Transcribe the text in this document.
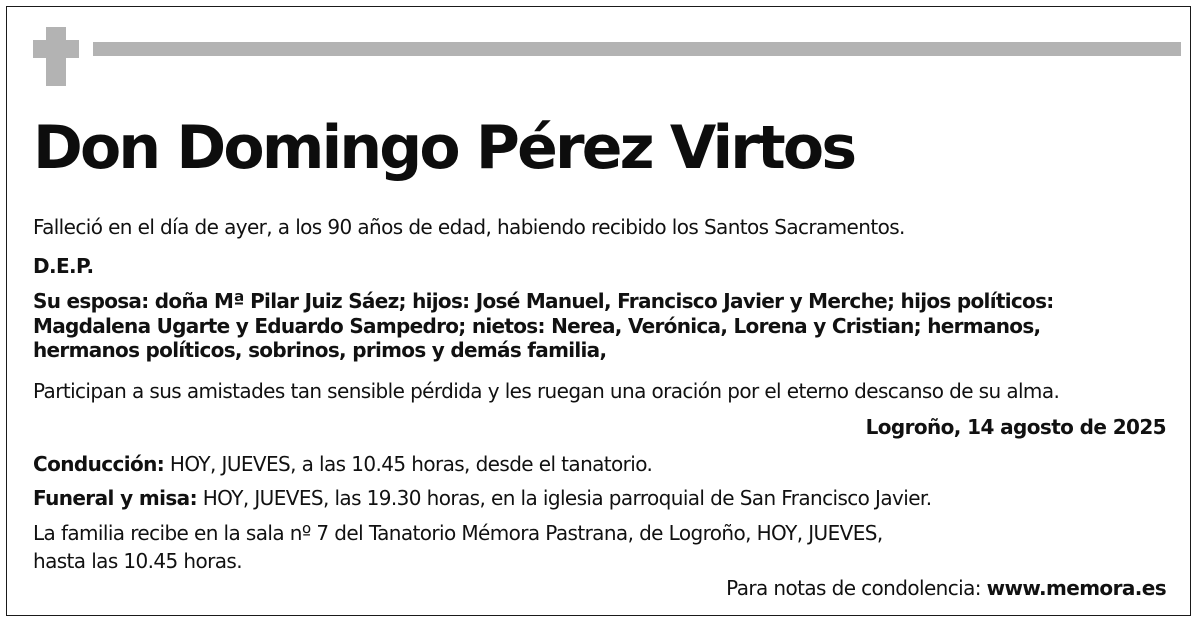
Don Domingo Pérez Virtos
Falleció en el día de ayer, a los 90 años de edad, habiendo recibido los Santos Sacramentos.
D.E.P.
Su esposa: doña Mª Pilar Juiz Sáez; hijos: José Manuel, Francisco Javier y Merche; hijos políticos:
Magdalena Ugarte y Eduardo Sampedro; nietos: Nerea, Verónica, Lorena y Cristian; hermanos,
hermanos políticos, sobrinos, primos y demás familia,
Participan a sus amistades tan sensible pérdida y les ruegan una oración por el eterno descanso de su alma.
Logroño, 14 agosto de 2025
Conducción: HOY, JUEVES, a las 10.45 horas, desde el tanatorio.
Funeral y misa: HOY, JUEVES, las 19.30 horas, en la iglesia parroquial de San Francisco Javier.
La familia recibe en la sala nº 7 del Tanatorio Mémora Pastrana, de Logroño, HOY, JUEVES,
hasta las 10.45 horas.
Para notas de condolencia: www.memora.es
